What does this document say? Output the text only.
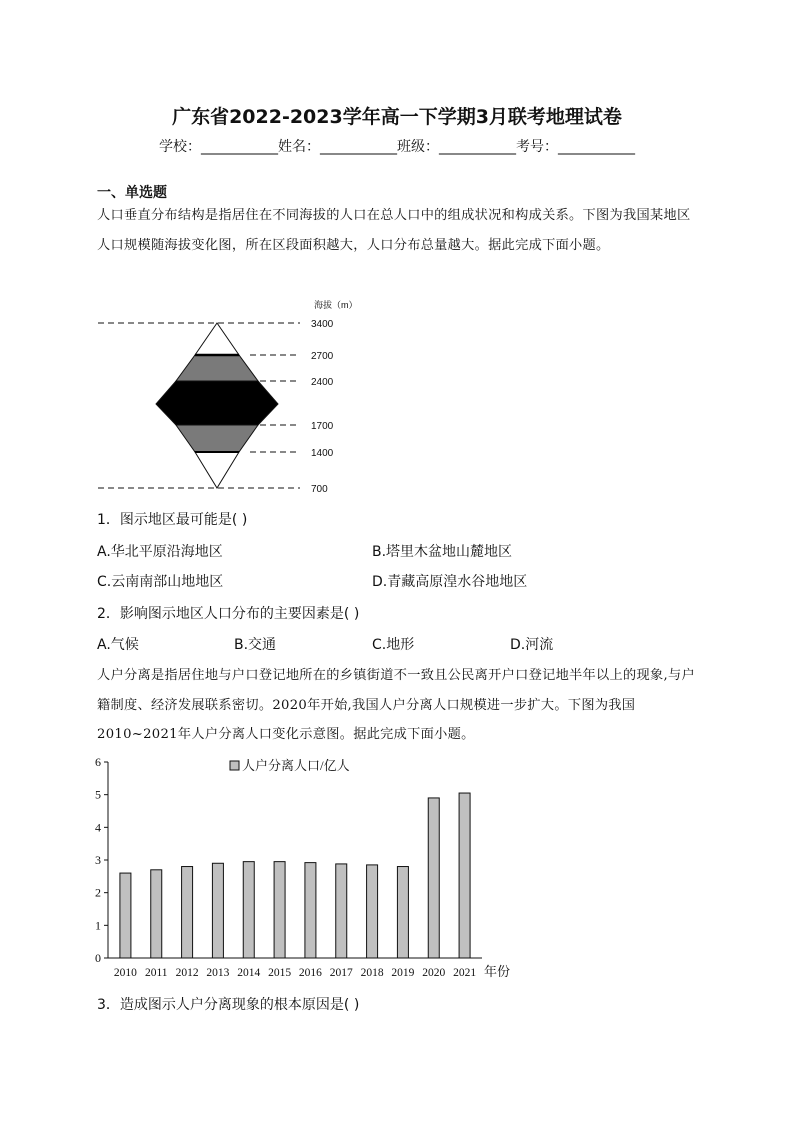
广东省2022-2023学年高一下学期3月联考地理试卷
学校：___________姓名：___________班级：___________考号：___________
一、单选题
人口垂直分布结构是指居住在不同海拔的人口在总人口中的组成状况和构成关系。下图为我国某地区人口规模随海拔变化图，所在区段面积越大，人口分布总量越大。据此完成下面小题。
海拔（m）
3400
2700
2400
1700
1400
700
1．图示地区最可能是( )
A.华北平原沿海地区	B.塔里木盆地山麓地区
C.云南南部山地地区	D.青藏高原湟水谷地地区
2．影响图示地区人口分布的主要因素是( )
A.气候	B.交通	C.地形	D.河流
人户分离是指居住地与户口登记地所在的乡镇街道不一致且公民离开户口登记地半年以上的现象,与户籍制度、经济发展联系密切。2020年开始,我国人户分离人口规模进一步扩大。下图为我国2010~2021年人户分离人口变化示意图。据此完成下面小题。
0
1
2
3
4
5
6
2010 2011 2012 2013 2014 2015 2016 2017 2018 2019 2020 2021 年份
人户分离人口/亿人
3．造成图示人户分离现象的根本原因是( )
